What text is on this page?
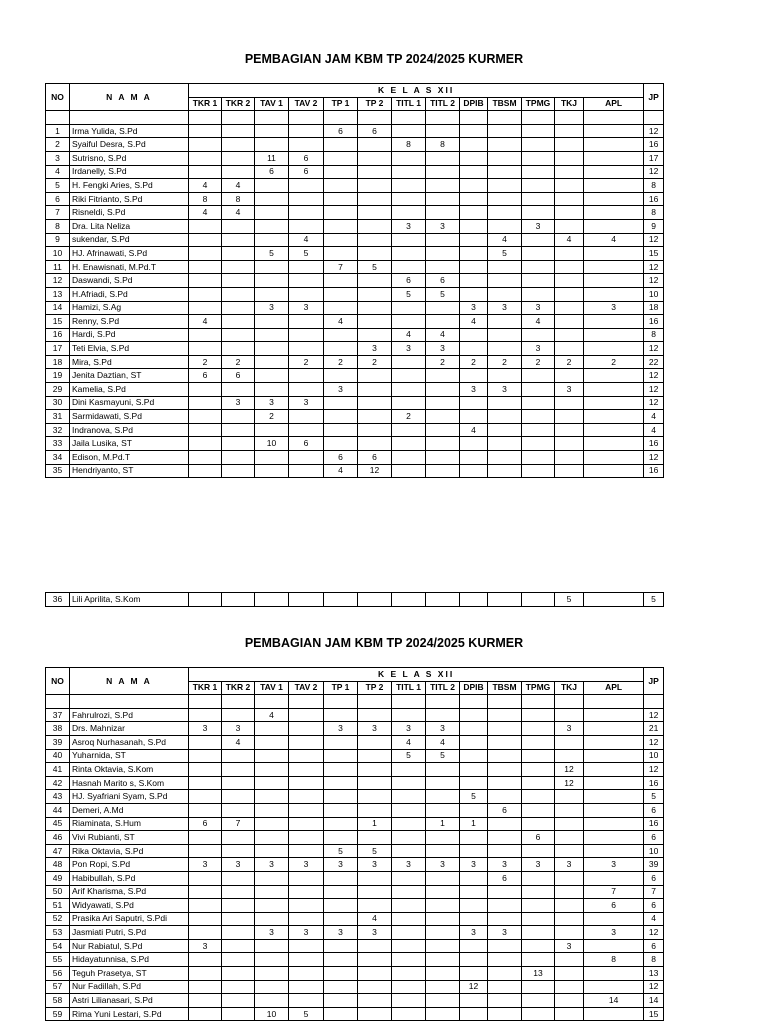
PEMBAGIAN JAM KBM TP 2024/2025 KURMER
NO	N A M A	K E L A S XII													JP
		TKR 1	TKR 2	TAV 1	TAV 2	TP 1	TP 2	TITL 1	TITL 2	DPIB	TBSM	TPMG	TKJ	APL	

1	Irma Yulida, S.Pd					6	6								12
2	Syaiful Desra, S.Pd							8	8						16
3	Sutrisno, S.Pd			11	6										17
4	Irdanelly, S.Pd			6	6										12
5	H. Fengki Aries, S.Pd	4	4												8
6	Riki Fitrianto, S.Pd	8	8												16
7	Risneldi, S.Pd	4	4												8
8	Dra. Lita Neliza							3	3			3			9
9	sukendar, S.Pd				4						4		4	4	12
10	HJ. Afrinawati, S.Pd			5	5						5				15
11	H. Enawisnati, M.Pd.T					7	5								12
12	Daswandi, S.Pd							6	6						12
13	H.Afriadi, S.Pd							5	5						10
14	Hamizi, S.Ag			3	3					3	3	3		3	18
15	Renny, S.Pd	4				4				4		4			16
16	Hardi, S.Pd							4	4						8
17	Teti Elvia, S.Pd						3	3	3			3			12
18	Mira, S.Pd	2	2		2	2	2		2	2	2	2	2	2	22
19	Jenita Daztian, ST	6	6												12
29	Kamelia, S.Pd					3				3	3		3		12
30	Dini Kasmayuni, S.Pd		3	3	3										12
31	Sarmidawati, S.Pd			2				2							4
32	Indranova, S.Pd									4					4
33	Jaila Lusika, ST			10	6										16
34	Edison, M.Pd.T					6	6								12
35	Hendriyanto, ST					4	12								16
36	Lili Aprilita, S.Kom												5		5
PEMBAGIAN JAM KBM TP 2024/2025 KURMER
NO	N A M A	K E L A S XII													JP
		TKR 1	TKR 2	TAV 1	TAV 2	TP 1	TP 2	TITL 1	TITL 2	DPIB	TBSM	TPMG	TKJ	APL	

37	Fahrulrozi, S.Pd			4											12
38	Drs. Mahnizar	3	3			3	3	3	3				3		21
39	Asroq Nurhasanah, S.Pd		4					4	4						12
40	Yuharnida, ST							5	5						10
41	Rinta Oktavia, S.Kom												12		12
42	Hasnah Marito s, S.Kom												12		16
43	HJ. Syafriani Syam, S.Pd									5					5
44	Demeri, A.Md										6				6
45	Riaminata, S.Hum	6	7				1		1	1					16
46	Vivi Rubianti, ST											6			6
47	Rika Oktavia, S.Pd					5	5								10
48	Pon Ropi, S.Pd	3	3	3	3	3	3	3	3	3	3	3	3	3	39
49	Habibullah, S.Pd										6				6
50	Arif Kharisma, S.Pd													7	7
51	Widyawati, S.Pd													6	6
52	Prasika Ari Saputri, S.Pdi						4								4
53	Jasmiati Putri, S.Pd			3	3	3	3			3	3			3	12
54	Nur Rabiatul, S.Pd	3											3		6
55	Hidayatunnisa, S.Pd													8	8
56	Teguh Prasetya, ST											13			13
57	Nur Fadillah, S.Pd									12					12
58	Astri Lilianasari, S.Pd													14	14
59	Rima Yuni Lestari, S.Pd			10	5										15
